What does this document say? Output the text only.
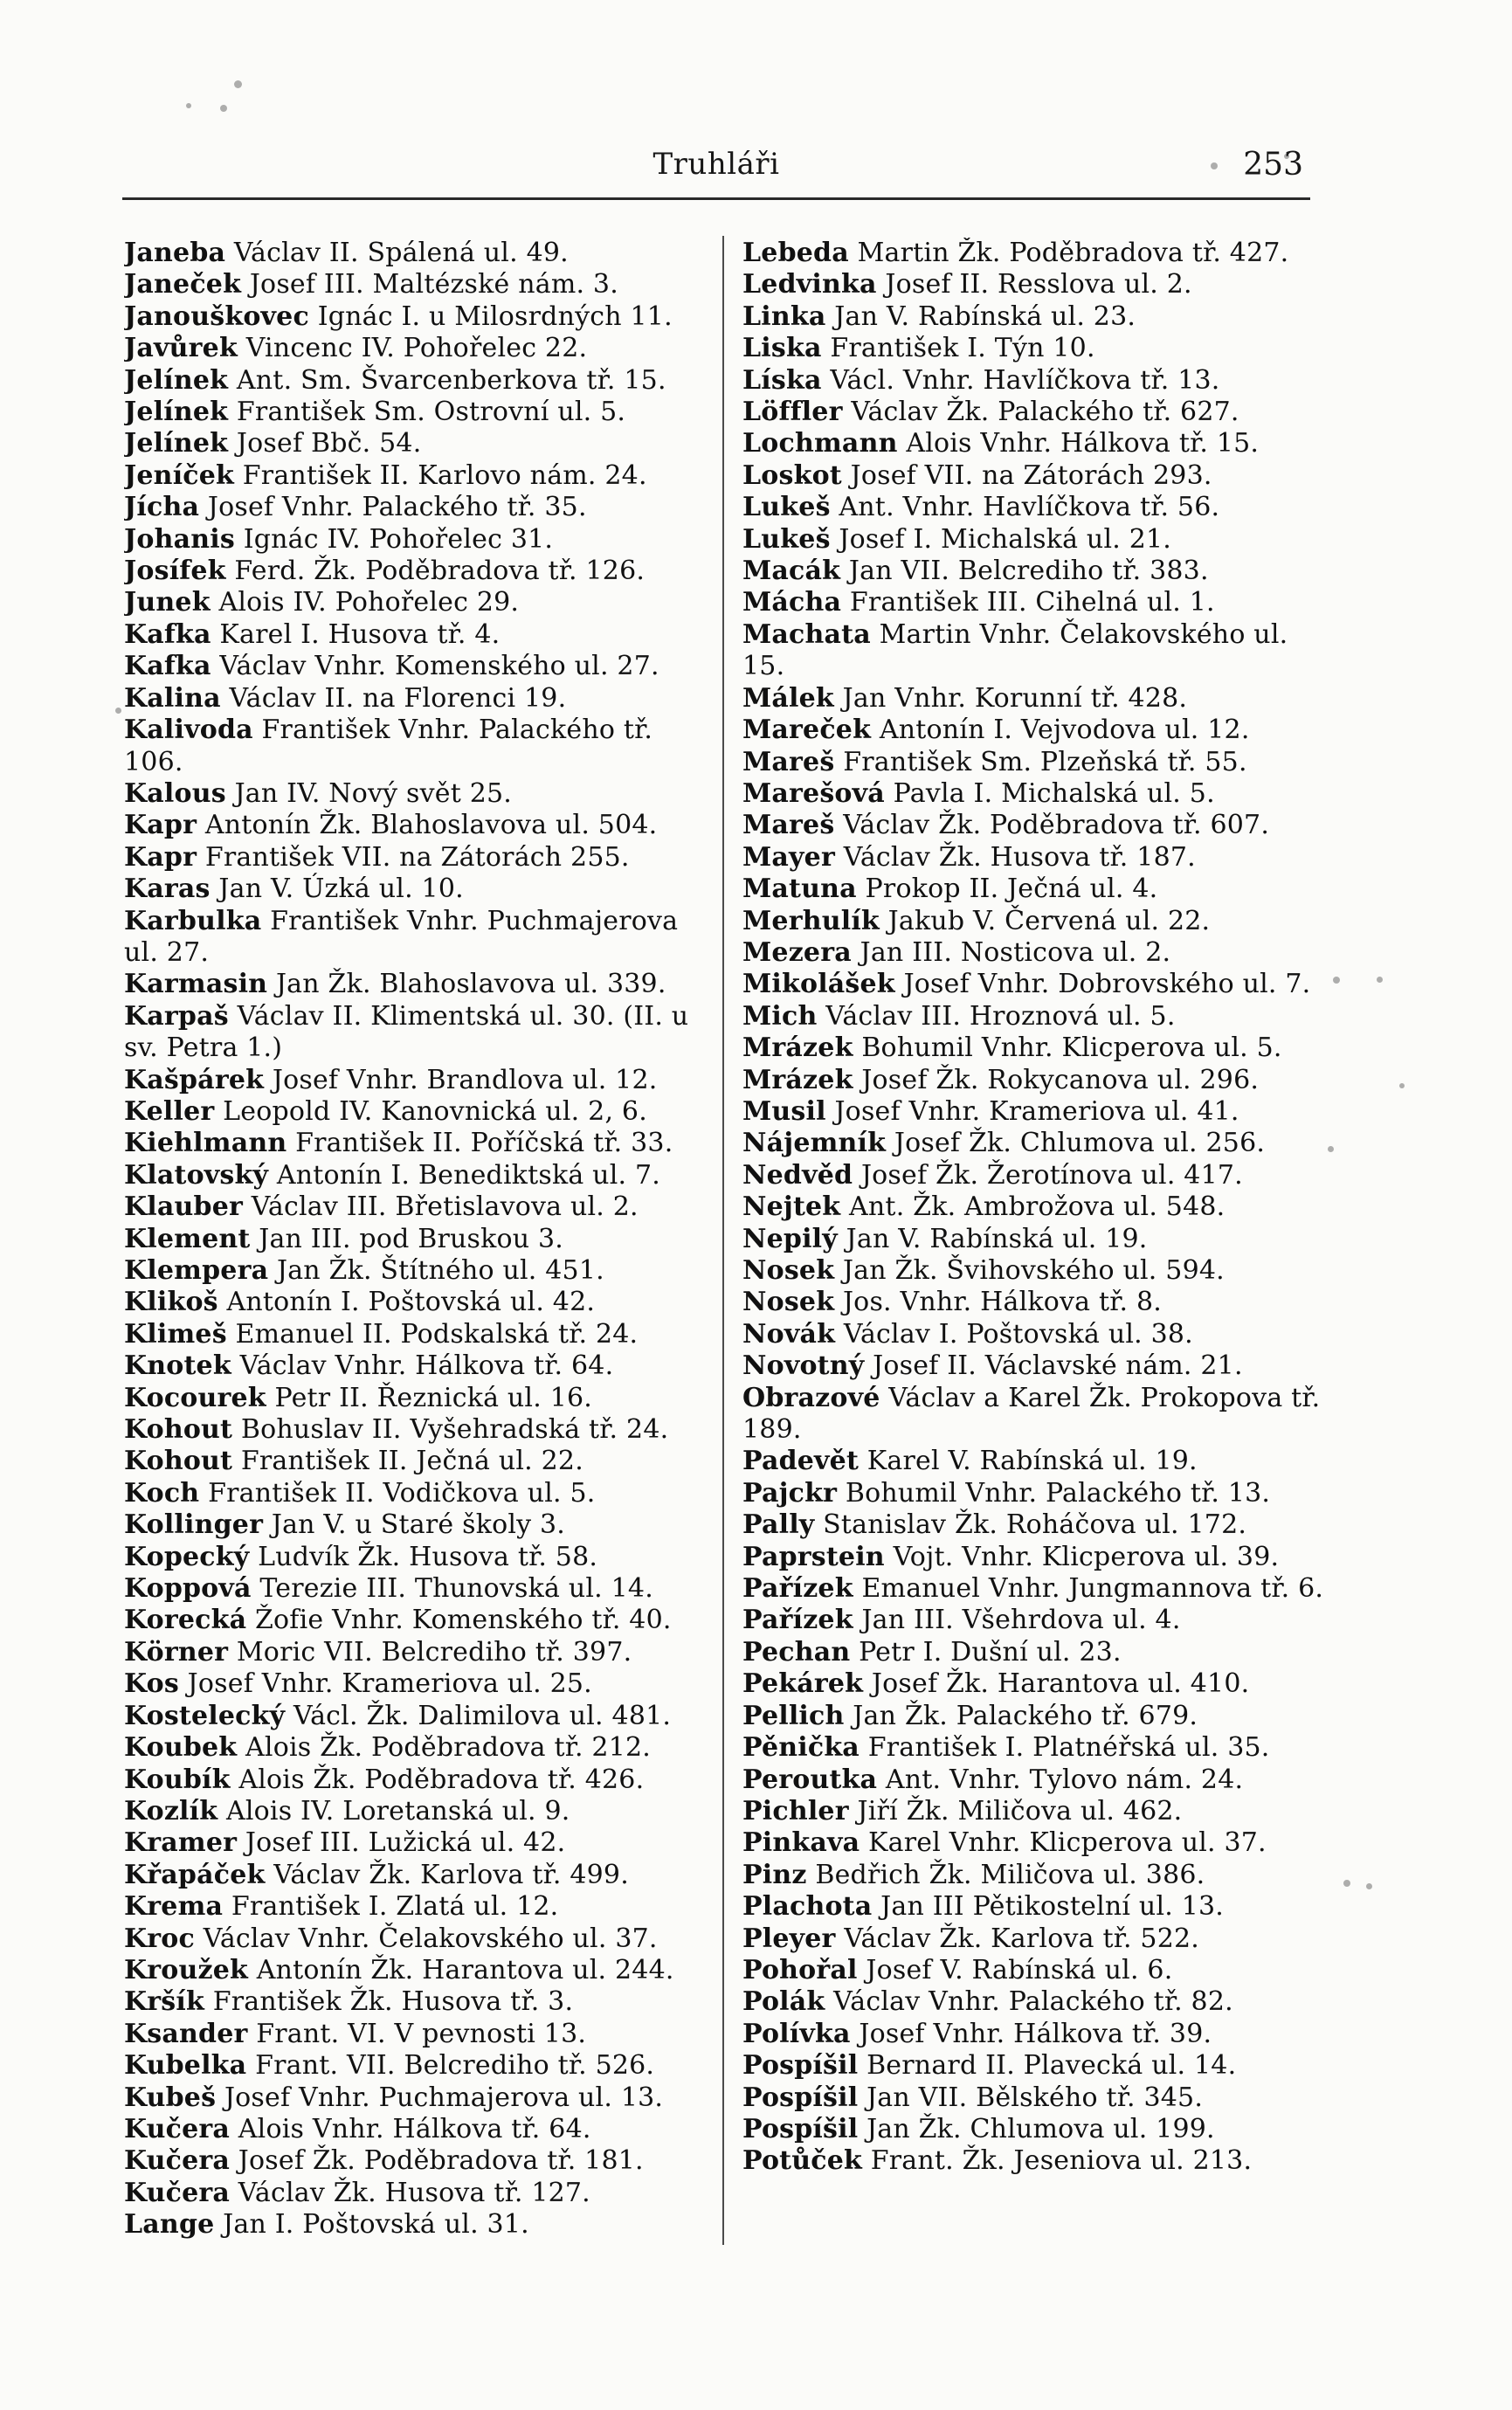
Truhláři	253
Janeba Václav II. Spálená ul. 49.
Janeček Josef III. Maltézské nám. 3.
Janouškovec Ignác I. u Milosrdných 11.
Javůrek Vincenc IV. Pohořelec 22.
Jelínek Ant. Sm. Švarcenberkova tř. 15.
Jelínek František Sm. Ostrovní ul. 5.
Jelínek Josef Bbč. 54.
Jeníček František II. Karlovo nám. 24.
Jícha Josef Vnhr. Palackého tř. 35.
Johanis Ignác IV. Pohořelec 31.
Josífek Ferd. Žk. Poděbradova tř. 126.
Junek Alois IV. Pohořelec 29.
Kafka Karel I. Husova tř. 4.
Kafka Václav Vnhr. Komenského ul. 27.
Kalina Václav II. na Florenci 19.
Kalivoda František Vnhr. Palackého tř. 106.
Kalous Jan IV. Nový svět 25.
Kapr Antonín Žk. Blahoslavova ul. 504.
Kapr František VII. na Zátorách 255.
Karas Jan V. Úzká ul. 10.
Karbulka František Vnhr. Puchmajerova ul. 27.
Karmasin Jan Žk. Blahoslavova ul. 339.
Karpaš Václav II. Klimentská ul. 30. (II. u sv. Petra 1.)
Kašpárek Josef Vnhr. Brandlova ul. 12.
Keller Leopold IV. Kanovnická ul. 2, 6.
Kiehlmann František II. Poříčská tř. 33.
Klatovský Antonín I. Benediktská ul. 7.
Klauber Václav III. Břetislavova ul. 2.
Klement Jan III. pod Bruskou 3.
Klempera Jan Žk. Štítného ul. 451.
Klikoš Antonín I. Poštovská ul. 42.
Klimeš Emanuel II. Podskalská tř. 24.
Knotek Václav Vnhr. Hálkova tř. 64.
Kocourek Petr II. Řeznická ul. 16.
Kohout Bohuslav II. Vyšehradská tř. 24.
Kohout František II. Ječná ul. 22.
Koch František II. Vodičkova ul. 5.
Kollinger Jan V. u Staré školy 3.
Kopecký Ludvík Žk. Husova tř. 58.
Koppová Terezie III. Thunovská ul. 14.
Korecká Žofie Vnhr. Komenského tř. 40.
Körner Moric VII. Belcrediho tř. 397.
Kos Josef Vnhr. Krameriova ul. 25.
Kostelecký Václ. Žk. Dalimilova ul. 481.
Koubek Alois Žk. Poděbradova tř. 212.
Koubík Alois Žk. Poděbradova tř. 426.
Kozlík Alois IV. Loretanská ul. 9.
Kramer Josef III. Lužická ul. 42.
Křapáček Václav Žk. Karlova tř. 499.
Krema František I. Zlatá ul. 12.
Kroc Václav Vnhr. Čelakovského ul. 37.
Kroužek Antonín Žk. Harantova ul. 244.
Kršík František Žk. Husova tř. 3.
Ksander Frant. VI. V pevnosti 13.
Kubelka Frant. VII. Belcrediho tř. 526.
Kubeš Josef Vnhr. Puchmajerova ul. 13.
Kučera Alois Vnhr. Hálkova tř. 64.
Kučera Josef Žk. Poděbradova tř. 181.
Kučera Václav Žk. Husova tř. 127.
Lange Jan I. Poštovská ul. 31.
Lebeda Martin Žk. Poděbradova tř. 427.
Ledvinka Josef II. Resslova ul. 2.
Linka Jan V. Rabínská ul. 23.
Liska František I. Týn 10.
Líska Václ. Vnhr. Havlíčkova tř. 13.
Löffler Václav Žk. Palackého tř. 627.
Lochmann Alois Vnhr. Hálkova tř. 15.
Loskot Josef VII. na Zátorách 293.
Lukeš Ant. Vnhr. Havlíčkova tř. 56.
Lukeš Josef I. Michalská ul. 21.
Macák Jan VII. Belcrediho tř. 383.
Mácha František III. Cihelná ul. 1.
Machata Martin Vnhr. Čelakovského ul. 15.
Málek Jan Vnhr. Korunní tř. 428.
Mareček Antonín I. Vejvodova ul. 12.
Mareš František Sm. Plzeňská tř. 55.
Marešová Pavla I. Michalská ul. 5.
Mareš Václav Žk. Poděbradova tř. 607.
Mayer Václav Žk. Husova tř. 187.
Matuna Prokop II. Ječná ul. 4.
Merhulík Jakub V. Červená ul. 22.
Mezera Jan III. Nosticova ul. 2.
Mikolášek Josef Vnhr. Dobrovského ul. 7.
Mich Václav III. Hroznová ul. 5.
Mrázek Bohumil Vnhr. Klicperova ul. 5.
Mrázek Josef Žk. Rokycanova ul. 296.
Musil Josef Vnhr. Krameriova ul. 41.
Nájemník Josef Žk. Chlumova ul. 256.
Nedvěd Josef Žk. Žerotínova ul. 417.
Nejtek Ant. Žk. Ambrožova ul. 548.
Nepilý Jan V. Rabínská ul. 19.
Nosek Jan Žk. Švihovského ul. 594.
Nosek Jos. Vnhr. Hálkova tř. 8.
Novák Václav I. Poštovská ul. 38.
Novotný Josef II. Václavské nám. 21.
Obrazové Václav a Karel Žk. Prokopova tř. 189.
Padevět Karel V. Rabínská ul. 19.
Pajckr Bohumil Vnhr. Palackého tř. 13.
Pally Stanislav Žk. Roháčova ul. 172.
Paprstein Vojt. Vnhr. Klicperova ul. 39.
Pařízek Emanuel Vnhr. Jungmannova tř. 6.
Pařízek Jan III. Všehrdova ul. 4.
Pechan Petr I. Dušní ul. 23.
Pekárek Josef Žk. Harantova ul. 410.
Pellich Jan Žk. Palackého tř. 679.
Pěnička František I. Platnéřská ul. 35.
Peroutka Ant. Vnhr. Tylovo nám. 24.
Pichler Jiří Žk. Miličova ul. 462.
Pinkava Karel Vnhr. Klicperova ul. 37.
Pinz Bedřich Žk. Miličova ul. 386.
Plachota Jan III Pětikostelní ul. 13.
Pleyer Václav Žk. Karlova tř. 522.
Pohořal Josef V. Rabínská ul. 6.
Polák Václav Vnhr. Palackého tř. 82.
Polívka Josef Vnhr. Hálkova tř. 39.
Pospíšil Bernard II. Plavecká ul. 14.
Pospíšil Jan VII. Bělského tř. 345.
Pospíšil Jan Žk. Chlumova ul. 199.
Potůček Frant. Žk. Jeseniova ul. 213.
